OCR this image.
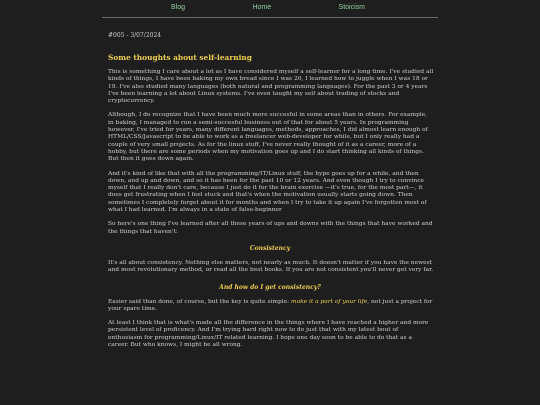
Blog	Home	Stoicism
#005 - 3/07/2024
Some thoughts about self-learning

This is something I care about a lot as I have considered myself a self-learner for a long time. I've studied all kinds of things, I have been baking my own bread since I was 20, I learned how to juggle when I was 18 or 19. I've also studied many languages (both natural and programming languages). For the past 3 or 4 years I've been learning a lot about Linux systems. I've even taught my self about trading of stocks and cryptocurrency.

Although, I do recognize that I have been much more succesful in some areas than in others. For example, in baking, I managed to run a semi-succesful business out of that for about 5 years. In programming however, I've tried for years, many different languages, methods, approaches, I did almost learn enough of HTML/CSS/Javascript to be able to work as a freelancer web-developer for while, but I only really had a couple of very small projects. As for the linux stuff, I've never really thought of it as a career, more of a hobby, but there are some periods when my motivation goes up and I do start thinking all kinds of things. But then it goes down again.

And it's kind of like that with all the programming/IT/Linux stuff, the hype goes up for a while, and then down, and up and down, and so it has been for the past 10 or 12 years. And even though I try to convince myself that I really don't care, because I just do it for the brain exercise —it's true, for the most part—, it does get frustrating when I feel stuck and that's when the motivation usually starts going down. Then sometimes I completely forget about it for months and when I try to take it up again I've forgotten most of what I had learned. I'm always in a state of false-beginner

So here's one thing I've learned after all these years of ups and downs with the things that have worked and the things that haven't:

Consistency

It's all about consistency. Nothing else matters, not nearly as much. It doesn't matter if you have the newest and most revolutionary method, or read all the best books. If you are not consistent you'll never get very far.

And how do I get consistency?

Easier said than done, of course, but the key is quite simple: make it a part of your life, not just a project for your spare time.

At least I think that is what's made all the difference in the things where I have reached a higher and more persistent level of proficency. And I'm trying hard right now to do just that with my latest bout of enthusiasm for programming/Linux/IT related learning. I hope one day soon to be able to do that as a career. But who knows, I might be all wrong.
